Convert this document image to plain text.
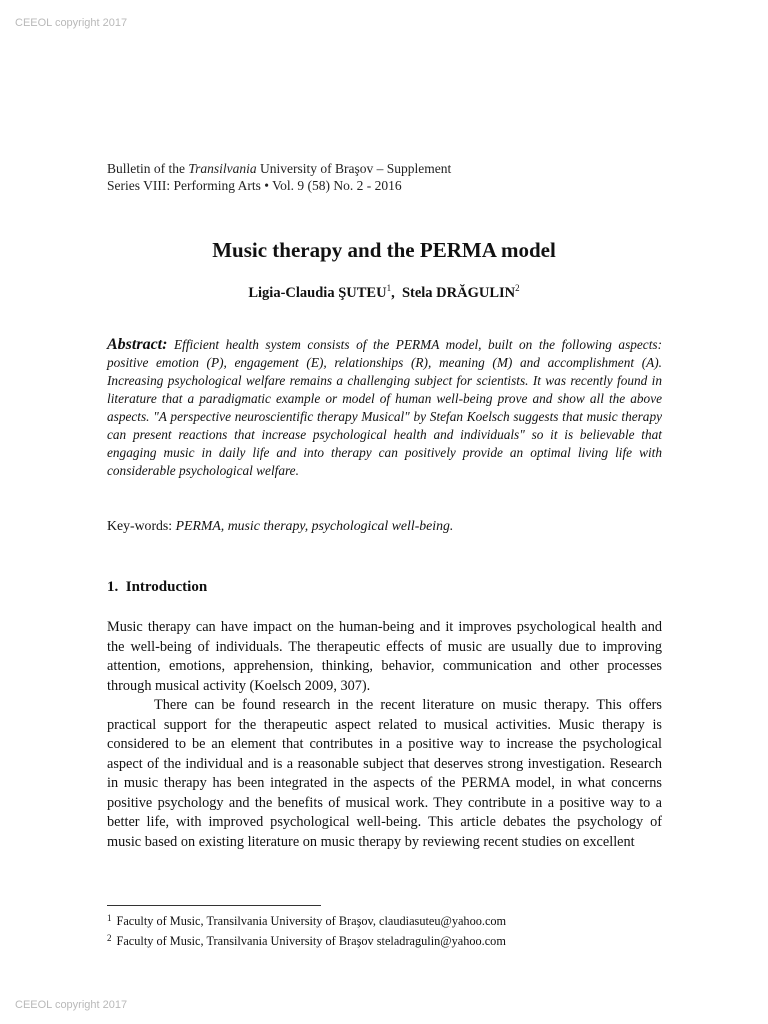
CEEOL copyright 2017
Bulletin of the Transilvania University of Braşov – Supplement
Series VIII: Performing Arts • Vol. 9 (58) No. 2 - 2016
Music therapy and the PERMA model
Ligia-Claudia ŞUTEU$^1$, Stela DRĂGULIN$^2$
Abstract: Efficient health system consists of the PERMA model, built on the following aspects: positive emotion (P), engagement (E), relationships (R), meaning (M) and accomplishment (A). Increasing psychological welfare remains a challenging subject for scientists. It was recently found in literature that a paradigmatic example or model of human well-being prove and show all the above aspects. "A perspective neuroscientific therapy Musical" by Stefan Koelsch suggests that music therapy can present reactions that increase psychological health and individuals" so it is believable that engaging music in daily life and into therapy can positively provide an optimal living life with considerable psychological welfare.
Key-words: PERMA, music therapy, psychological well-being.
1. Introduction

Music therapy can have impact on the human-being and it improves psychological health and the well-being of individuals. The therapeutic effects of music are usually due to improving attention, emotions, apprehension, thinking, behavior, communication and other processes through musical activity (Koelsch 2009, 307).

There can be found research in the recent literature on music therapy. This offers practical support for the therapeutic aspect related to musical activities. Music therapy is considered to be an element that contributes in a positive way to increase the psychological aspect of the individual and is a reasonable subject that deserves strong investigation. Research in music therapy has been integrated in the aspects of the PERMA model, in what concerns positive psychology and the benefits of musical work. They contribute in a positive way to a better life, with improved psychological well-being. This article debates the psychology of music based on existing literature on music therapy by reviewing recent studies on excellent

$^1$ Faculty of Music, Transilvania University of Braşov, claudiasuteu@yahoo.com
$^2$ Faculty of Music, Transilvania University of Braşov steladragulin@yahoo.com
CEEOL copyright 2017
